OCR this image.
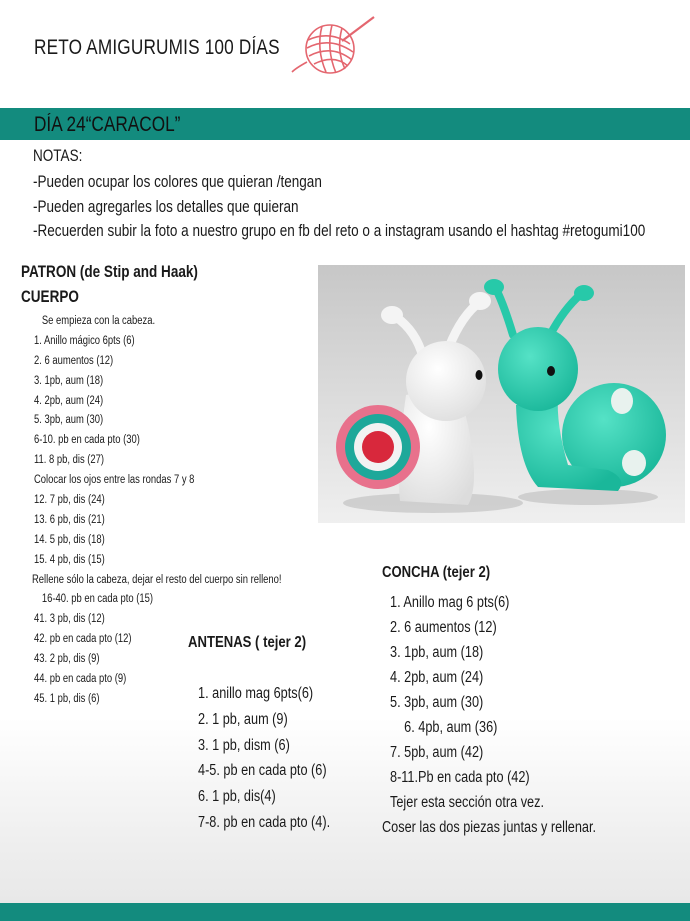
RETO AMIGURUMIS 100 DÍAS
DÍA 24“CARACOL”
NOTAS:
-Pueden ocupar los colores que quieran /tengan
-Pueden agregarles los detalles que quieran
-Recuerden subir la foto a nuestro grupo en fb del reto o a instagram usando el hashtag #retogumi100
PATRON (de Stip and Haak)
CUERPO
Se empieza con la cabeza.
1. Anillo mágico 6pts (6)
2. 6 aumentos (12)
3. 1pb, aum (18)
4. 2pb, aum (24)
5. 3pb, aum (30)
6-10. pb en cada pto (30)
11. 8 pb, dis (27)
Colocar los ojos entre las rondas 7 y 8
12. 7 pb, dis (24)
13. 6 pb, dis (21)
14. 5 pb, dis (18)
15. 4 pb, dis (15)
Rellene sólo la cabeza, dejar el resto del cuerpo sin relleno!
16-40. pb en cada pto (15)
41. 3 pb, dis (12)
42. pb en cada pto (12)
43. 2 pb, dis (9)
44. pb en cada pto (9)
45. 1 pb, dis (6)
CONCHA (tejer 2)
1. Anillo mag 6 pts(6)
2. 6 aumentos (12)
3. 1pb, aum (18)
4. 2pb, aum (24)
5. 3pb, aum (30)
6. 4pb, aum (36)
7. 5pb, aum (42)
8-11.Pb en cada pto (42)
Tejer esta sección otra vez.
Coser las dos piezas juntas y rellenar.
ANTENAS ( tejer 2)
1. anillo mag 6pts(6)
2. 1 pb, aum (9)
3. 1 pb, dism (6)
4-5. pb en cada pto (6)
6. 1 pb, dis(4)
7-8. pb en cada pto (4).
